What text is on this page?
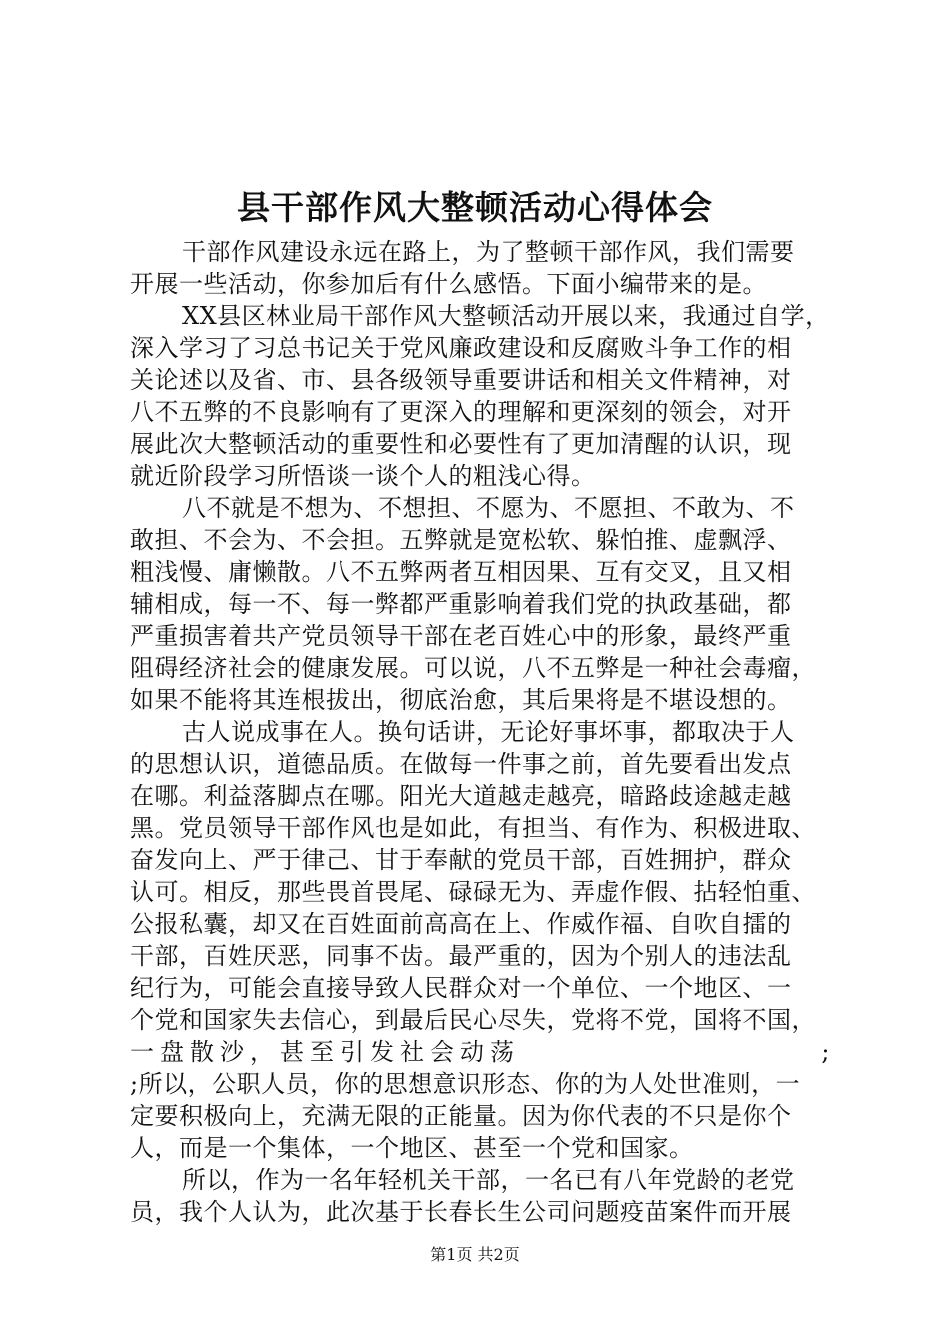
县干部作风大整顿活动心得体会
干部作风建设永远在路上，为了整顿干部作风，我们需要
开展一些活动，你参加后有什么感悟。下面小编带来的是。
XX县区林业局干部作风大整顿活动开展以来，我通过自学，
深入学习了习总书记关于党风廉政建设和反腐败斗争工作的相
关论述以及省、市、县各级领导重要讲话和相关文件精神，对
八不五弊的不良影响有了更深入的理解和更深刻的领会，对开
展此次大整顿活动的重要性和必要性有了更加清醒的认识，现
就近阶段学习所悟谈一谈个人的粗浅心得。
八不就是不想为、不想担、不愿为、不愿担、不敢为、不
敢担、不会为、不会担。五弊就是宽松软、躲怕推、虚飘浮、
粗浅慢、庸懒散。八不五弊两者互相因果、互有交叉，且又相
辅相成，每一不、每一弊都严重影响着我们党的执政基础，都
严重损害着共产党员领导干部在老百姓心中的形象，最终严重
阻碍经济社会的健康发展。可以说，八不五弊是一种社会毒瘤，
如果不能将其连根拔出，彻底治愈，其后果将是不堪设想的。
古人说成事在人。换句话讲，无论好事坏事，都取决于人
的思想认识，道德品质。在做每一件事之前，首先要看出发点
在哪。利益落脚点在哪。阳光大道越走越亮，暗路歧途越走越
黑。党员领导干部作风也是如此，有担当、有作为、积极进取、
奋发向上、严于律己、甘于奉献的党员干部，百姓拥护，群众
认可。相反，那些畏首畏尾、碌碌无为、弄虚作假、拈轻怕重、
公报私囊，却又在百姓面前高高在上、作威作福、自吹自擂的
干部，百姓厌恶，同事不齿。最严重的，因为个别人的违法乱
纪行为，可能会直接导致人民群众对一个单位、一个地区、一
个党和国家失去信心，到最后民心尽失，党将不党，国将不国，
一盘散沙，甚至引发社会动荡	;
;所以，公职人员，你的思想意识形态、你的为人处世准则，一
定要积极向上，充满无限的正能量。因为你代表的不只是你个
人，而是一个集体，一个地区、甚至一个党和国家。
所以，作为一名年轻机关干部，一名已有八年党龄的老党
员，我个人认为，此次基于长春长生公司问题疫苗案件而开展
第1页 共2页
